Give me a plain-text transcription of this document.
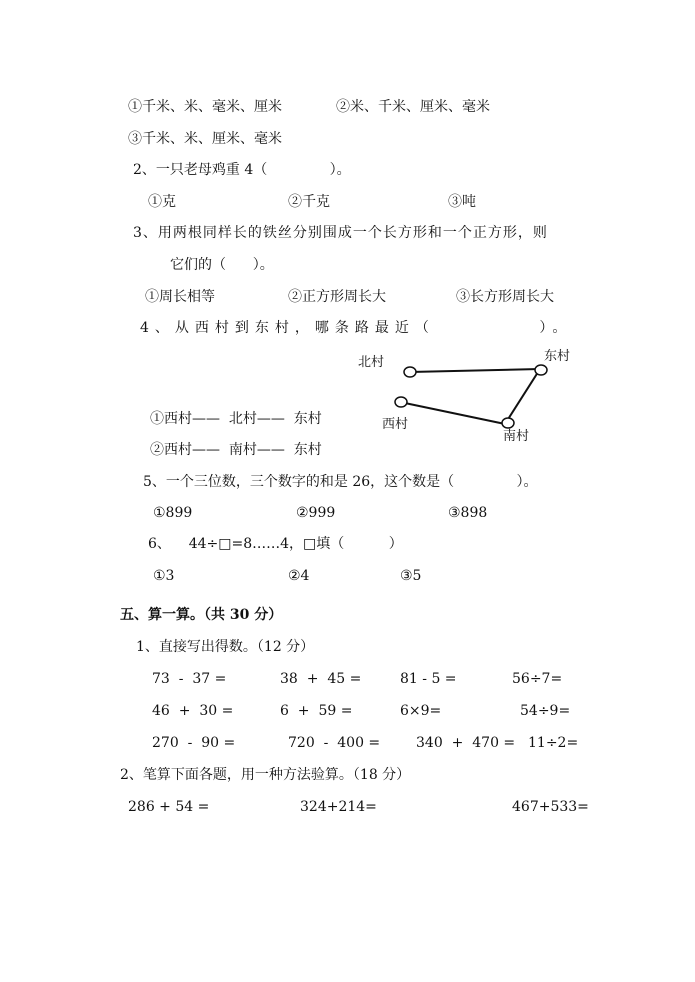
①千米、米、毫米、厘米	②米、千米、厘米、毫米
③千米、米、厘米、毫米
2、一只老母鸡重 4（              ）。
①克	②千克	③吨
3、用两根同样长的铁丝分别围成一个长方形和一个正方形，则
它们的（      ）。
①周长相等	②正方形周长大	③长方形周长大
4、从西村到东村，哪条路最近（          ）。
北村	东村
西村
南村
①西村——  北村——  东村
②西村——  南村——  东村
5、一个三位数，三个数字的和是 26，这个数是（              ）。
①899	②999	③898
6、    44÷□=8……4，□填（          ）
①3	②4	③5
五、算一算。（共 30 分）
1、直接写出得数。（12 分）
73  -  37 =	38  +  45 =	81 - 5 =	56÷7=
46  +  30 =	6  +  59 =	6×9=	54÷9=
270  -  90 =	720  -  400 =	340  +  470 = 11÷2=
2、笔算下面各题，用一种方法验算。（18 分）
286 + 54 =	324+214=	467+533=
